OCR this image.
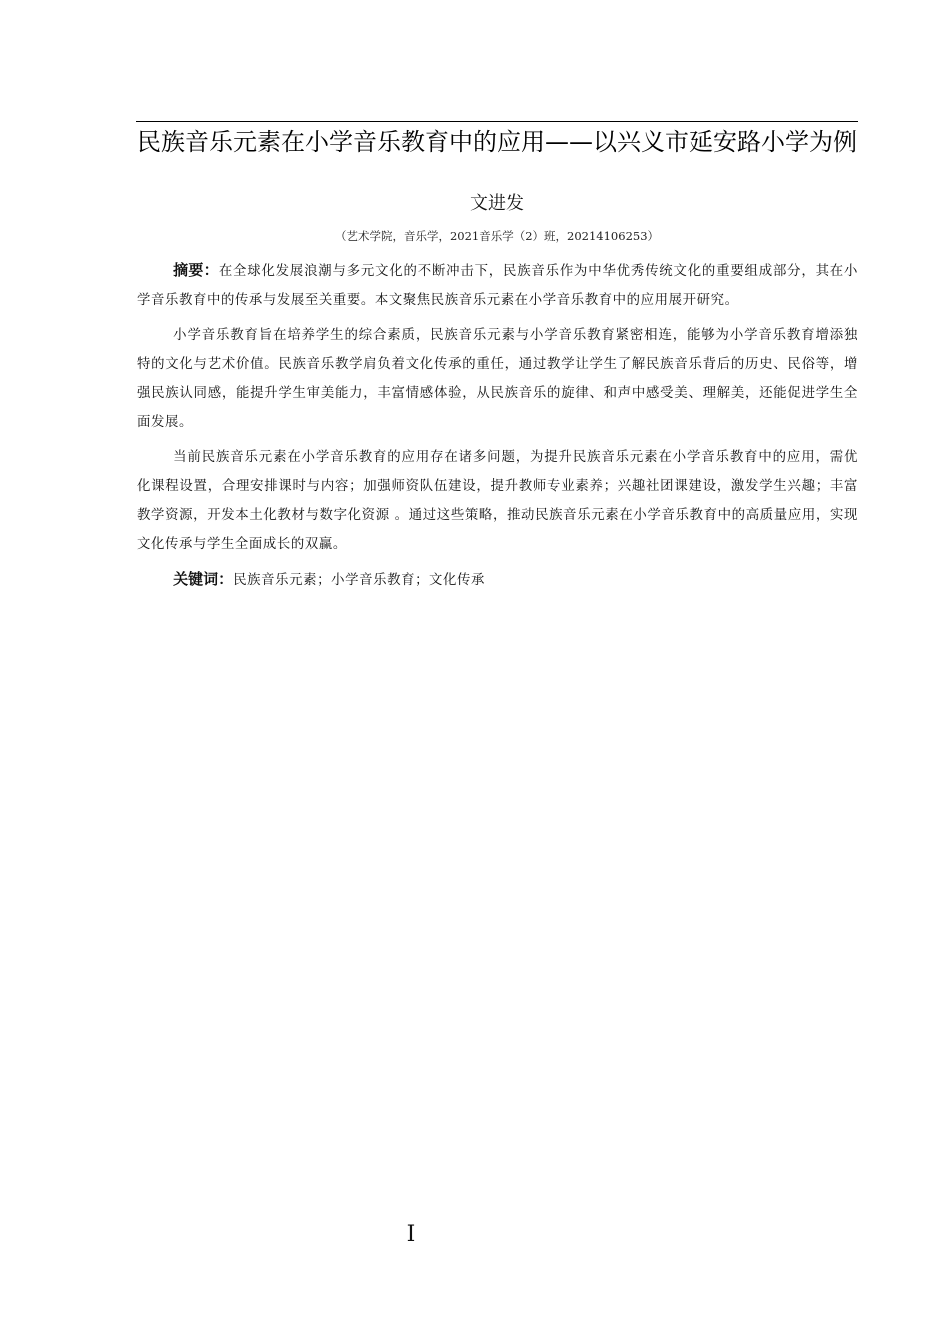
民族音乐元素在小学音乐教育中的应用——以兴义市延安路小学为例
文进发
（艺术学院，音乐学，2021音乐学（2）班，20214106253）

摘要：在全球化发展浪潮与多元文化的不断冲击下，民族音乐作为中华优秀传统文化的重要组成部分，其在小学音乐教育中的传承与发展至关重要。本文聚焦民族音乐元素在小学音乐教育中的应用展开研究。

小学音乐教育旨在培养学生的综合素质，民族音乐元素与小学音乐教育紧密相连，能够为小学音乐教育增添独特的文化与艺术价值。民族音乐教学肩负着文化传承的重任，通过教学让学生了解民族音乐背后的历史、民俗等，增强民族认同感，能提升学生审美能力，丰富情感体验，从民族音乐的旋律、和声中感受美、理解美，还能促进学生全面发展。

当前民族音乐元素在小学音乐教育的应用存在诸多问题，为提升民族音乐元素在小学音乐教育中的应用，需优化课程设置，合理安排课时与内容；加强师资队伍建设，提升教师专业素养；兴趣社团课建设，激发学生兴趣；丰富教学资源，开发本土化教材与数字化资源 。通过这些策略，推动民族音乐元素在小学音乐教育中的高质量应用，实现文化传承与学生全面成长的双赢。

关键词：民族音乐元素；小学音乐教育；文化传承

I
